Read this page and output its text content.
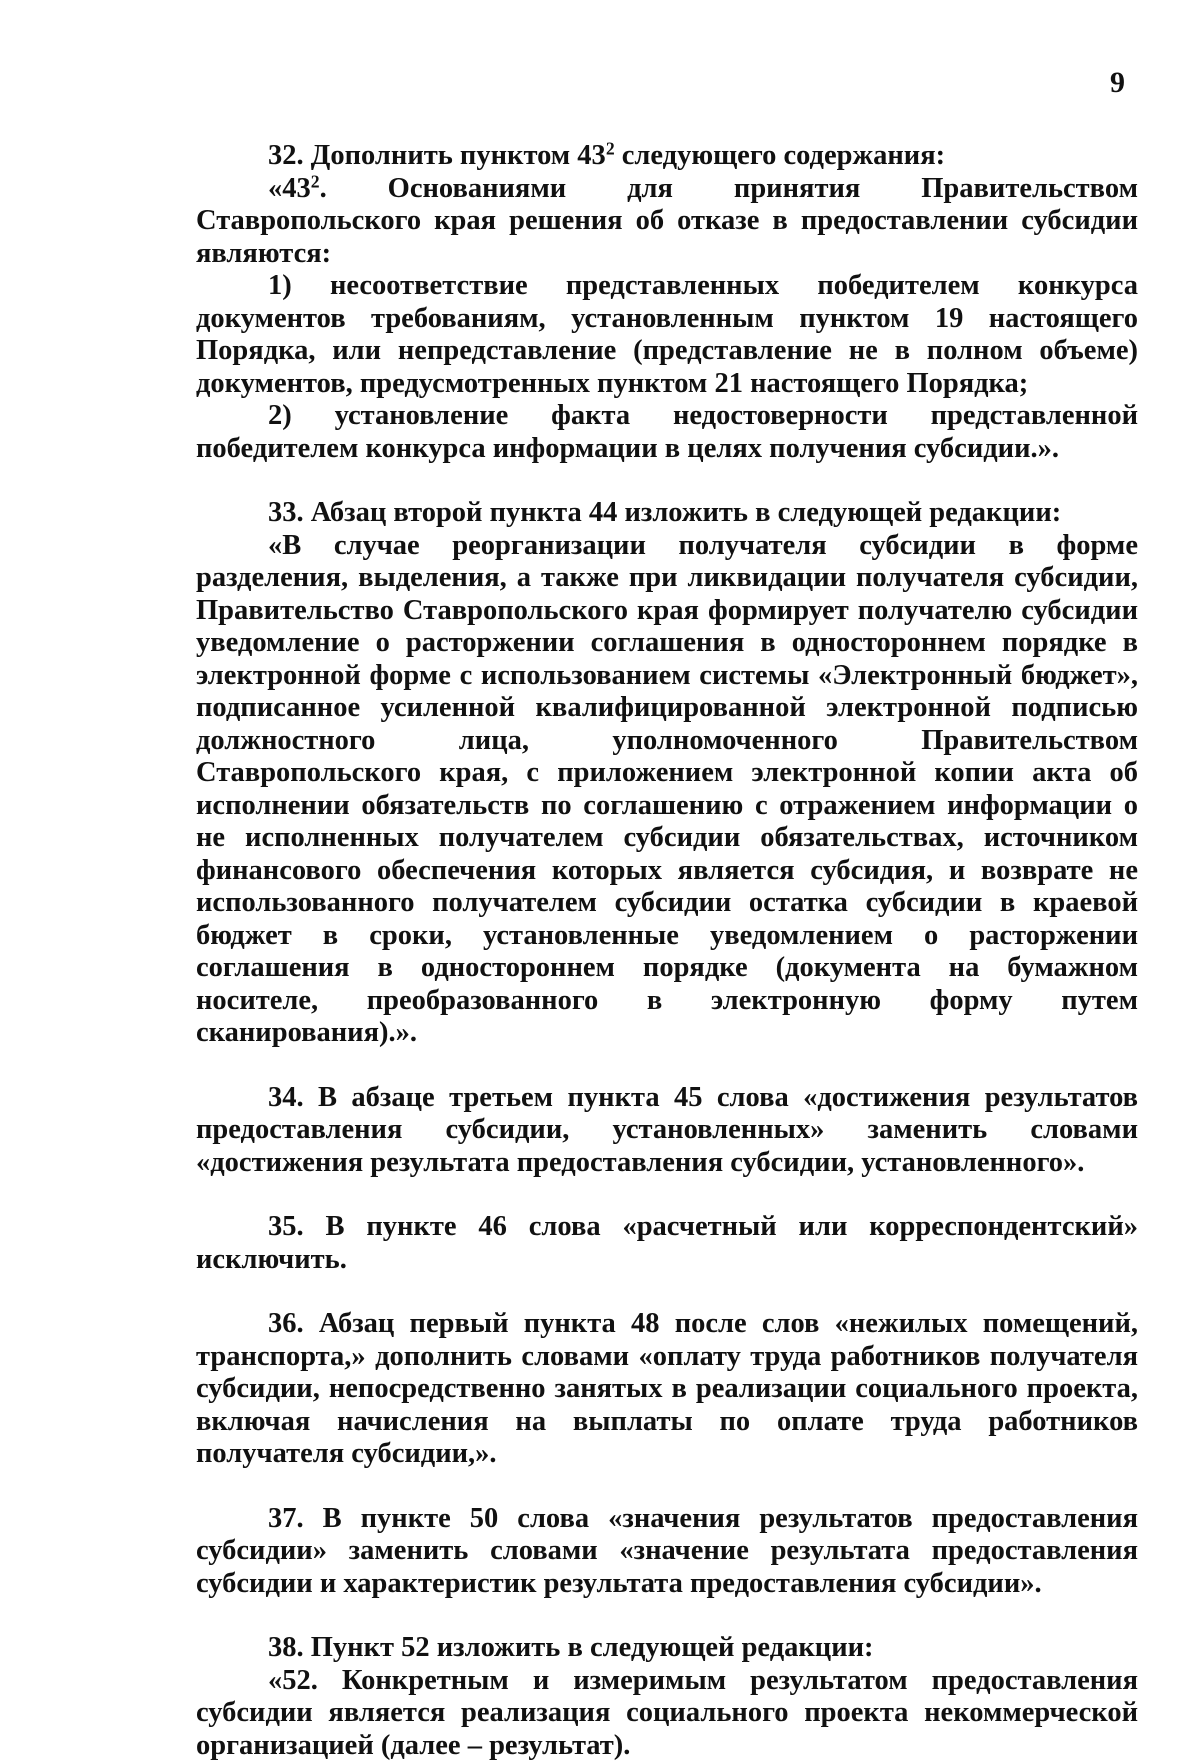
9

32. Дополнить пунктом $43^2$ следующего содержания:

«$43^2$. Основаниями для принятия Правительством Ставропольского края решения об отказе в предоставлении субсидии являются:

1) несоответствие представленных победителем конкурса документов требованиям, установленным пунктом 19 настоящего Порядка, или непредставление (представление не в полном объеме) документов, предусмотренных пунктом 21 настоящего Порядка;

2) установление факта недостоверности представленной победителем конкурса информации в целях получения субсидии.».

33. Абзац второй пункта 44 изложить в следующей редакции:

«В случае реорганизации получателя субсидии в форме разделения, выделения, а также при ликвидации получателя субсидии, Правительство Ставропольского края формирует получателю субсидии уведомление о расторжении соглашения в одностороннем порядке в электронной форме с использованием системы «Электронный бюджет», подписанное усиленной квалифицированной электронной подписью должностного лица, уполномоченного Правительством Ставропольского края, с приложением электронной копии акта об исполнении обязательств по соглашению с отражением информации о не исполненных получателем субсидии обязательствах, источником финансового обеспечения которых является субсидия, и возврате не использованного получателем субсидии остатка субсидии в краевой бюджет в сроки, установленные уведомлением о расторжении соглашения в одностороннем порядке (документа на бумажном носителе, преобразованного в электронную форму путем сканирования).».

34. В абзаце третьем пункта 45 слова «достижения результатов предоставления субсидии, установленных» заменить словами «достижения результата предоставления субсидии, установленного».

35. В пункте 46 слова «расчетный или корреспондентский» исключить.

36. Абзац первый пункта 48 после слов «нежилых помещений, транспорта,» дополнить словами «оплату труда работников получателя субсидии, непосредственно занятых в реализации социального проекта, включая начисления на выплаты по оплате труда работников получателя субсидии,».

37. В пункте 50 слова «значения результатов предоставления субсидии» заменить словами «значение результата предоставления субсидии и характеристик результата предоставления субсидии».

38. Пункт 52 изложить в следующей редакции:

«52. Конкретным и измеримым результатом предоставления субсидии является реализация социального проекта некоммерческой организацией (далее – результат).
